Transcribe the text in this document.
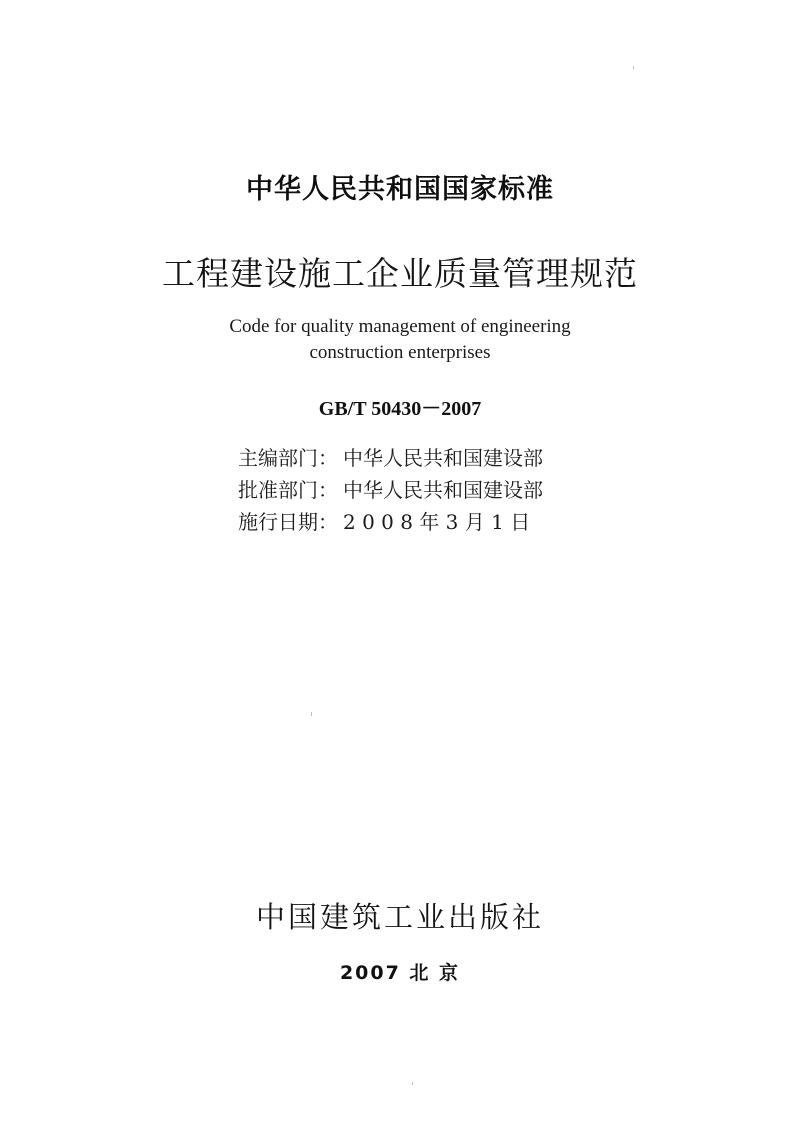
中华人民共和国国家标准
工程建设施工企业质量管理规范
Code for quality management of engineering
construction enterprises
GB/T 50430－2007
主编部门： 中华人民共和国建设部
批准部门： 中华人民共和国建设部
施行日期： 2 0 0 8 年 3 月 1 日
中国建筑工业出版社
2007 北 京
